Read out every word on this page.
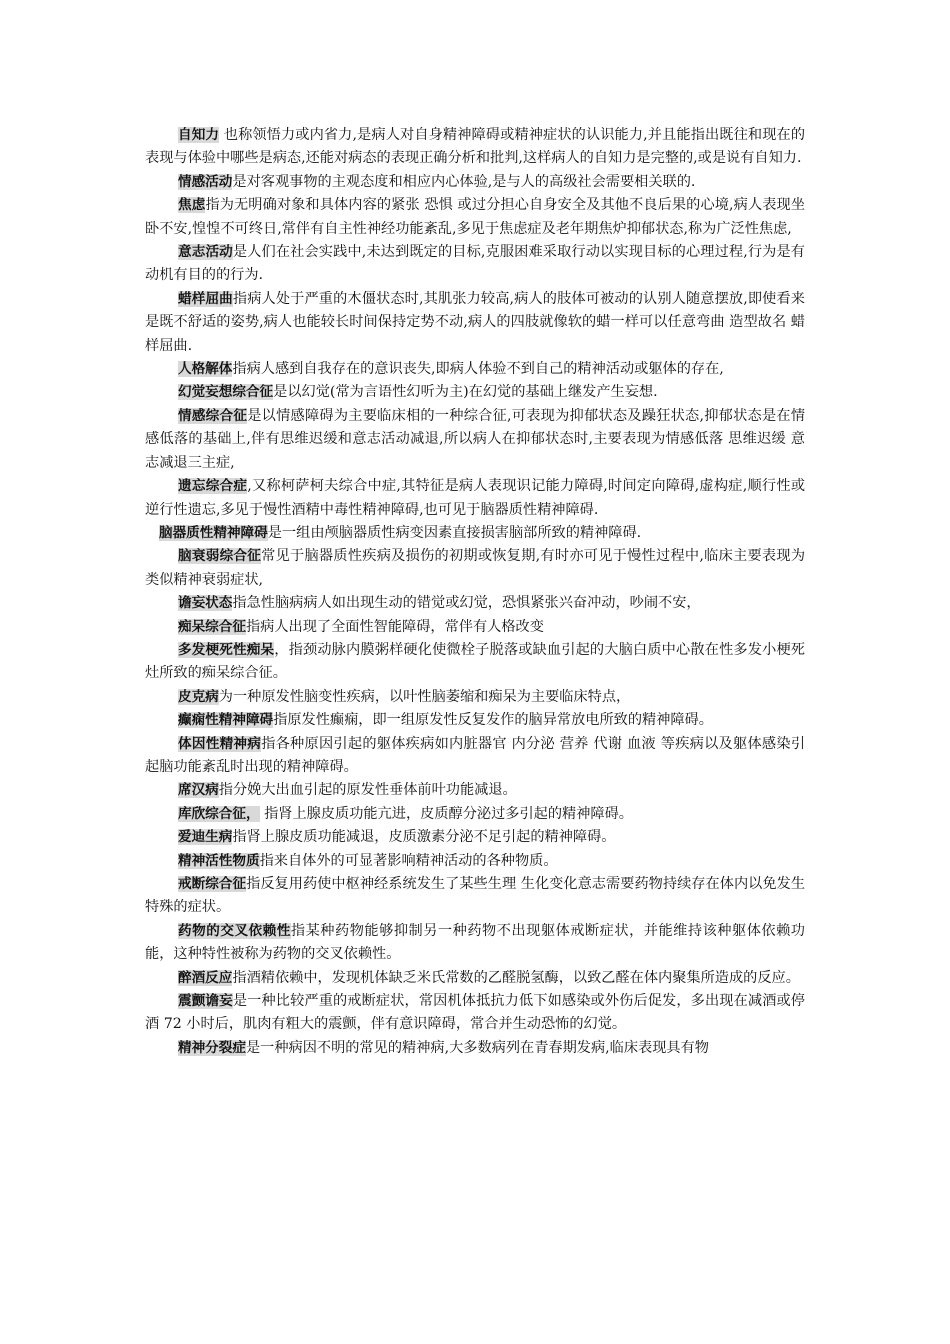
自知力 也称领悟力或内省力,是病人对自身精神障碍或精神症状的认识能力,并且能指出既往和现在的表现与体验中哪些是病态,还能对病态的表现正确分析和批判,这样病人的自知力是完整的,或是说有自知力.

情感活动是对客观事物的主观态度和相应内心体验,是与人的高级社会需要相关联的.

焦虑指为无明确对象和具体内容的紧张 恐惧 或过分担心自身安全及其他不良后果的心境,病人表现坐卧不安,惶惶不可终日,常伴有自主性神经功能紊乱,多见于焦虑症及老年期焦炉抑郁状态,称为广泛性焦虑,

意志活动是人们在社会实践中,未达到既定的目标,克服困难采取行动以实现目标的心理过程,行为是有动机有目的的行为.

蜡样屈曲指病人处于严重的木僵状态时,其肌张力较高,病人的肢体可被动的认别人随意摆放,即使看来是既不舒适的姿势,病人也能较长时间保持定势不动,病人的四肢就像软的蜡一样可以任意弯曲 造型故名 蜡样屈曲.

人格解体指病人感到自我存在的意识丧失,即病人体验不到自己的精神活动或躯体的存在,

幻觉妄想综合征是以幻觉(常为言语性幻听为主)在幻觉的基础上继发产生妄想.

情感综合征是以情感障碍为主要临床相的一种综合征,可表现为抑郁状态及躁狂状态,抑郁状态是在情感低落的基础上,伴有思维迟缓和意志活动减退,所以病人在抑郁状态时,主要表现为情感低落 思维迟缓 意志减退三主症,

遗忘综合症,又称柯萨柯夫综合中症,其特征是病人表现识记能力障碍,时间定向障碍,虚构症,顺行性或逆行性遗忘,多见于慢性酒精中毒性精神障碍,也可见于脑器质性精神障碍.

脑器质性精神障碍是一组由颅脑器质性病变因素直接损害脑部所致的精神障碍.

脑衰弱综合征常见于脑器质性疾病及损伤的初期或恢复期,有时亦可见于慢性过程中,临床主要表现为类似精神衰弱症状,

谵妄状态指急性脑病病人如出现生动的错觉或幻觉，恐惧紧张兴奋冲动，吵闹不安，

痴呆综合征指病人出现了全面性智能障碍，常伴有人格改变

多发梗死性痴呆，指颈动脉内膜粥样硬化使微栓子脱落或缺血引起的大脑白质中心散在性多发小梗死灶所致的痴呆综合征。

皮克病为一种原发性脑变性疾病，以叶性脑萎缩和痴呆为主要临床特点，

癫痫性精神障碍指原发性癫痫，即一组原发性反复发作的脑异常放电所致的精神障碍。

体因性精神病指各种原因引起的躯体疾病如内脏器官 内分泌 营养 代谢 血液 等疾病以及躯体感染引起脑功能紊乱时出现的精神障碍。

席汉病指分娩大出血引起的原发性垂体前叶功能减退。

库欣综合征， 指肾上腺皮质功能亢进，皮质醇分泌过多引起的精神障碍。

爱迪生病指肾上腺皮质功能减退，皮质激素分泌不足引起的精神障碍。

精神活性物质指来自体外的可显著影响精神活动的各种物质。

戒断综合征指反复用药使中枢神经系统发生了某些生理 生化变化意志需要药物持续存在体内以免发生特殊的症状。

药物的交叉依赖性指某种药物能够抑制另一种药物不出现躯体戒断症状，并能维持该种躯体依赖功能，这种特性被称为药物的交叉依赖性。

醉酒反应指酒精依赖中，发现机体缺乏米氏常数的乙醛脱氢酶，以致乙醛在体内聚集所造成的反应。

震颤谵妄是一种比较严重的戒断症状，常因机体抵抗力低下如感染或外伤后促发，多出现在减酒或停酒 72 小时后，肌肉有粗大的震颤，伴有意识障碍，常合并生动恐怖的幻觉。

精神分裂症是一种病因不明的常见的精神病,大多数病列在青春期发病,临床表现具有物
